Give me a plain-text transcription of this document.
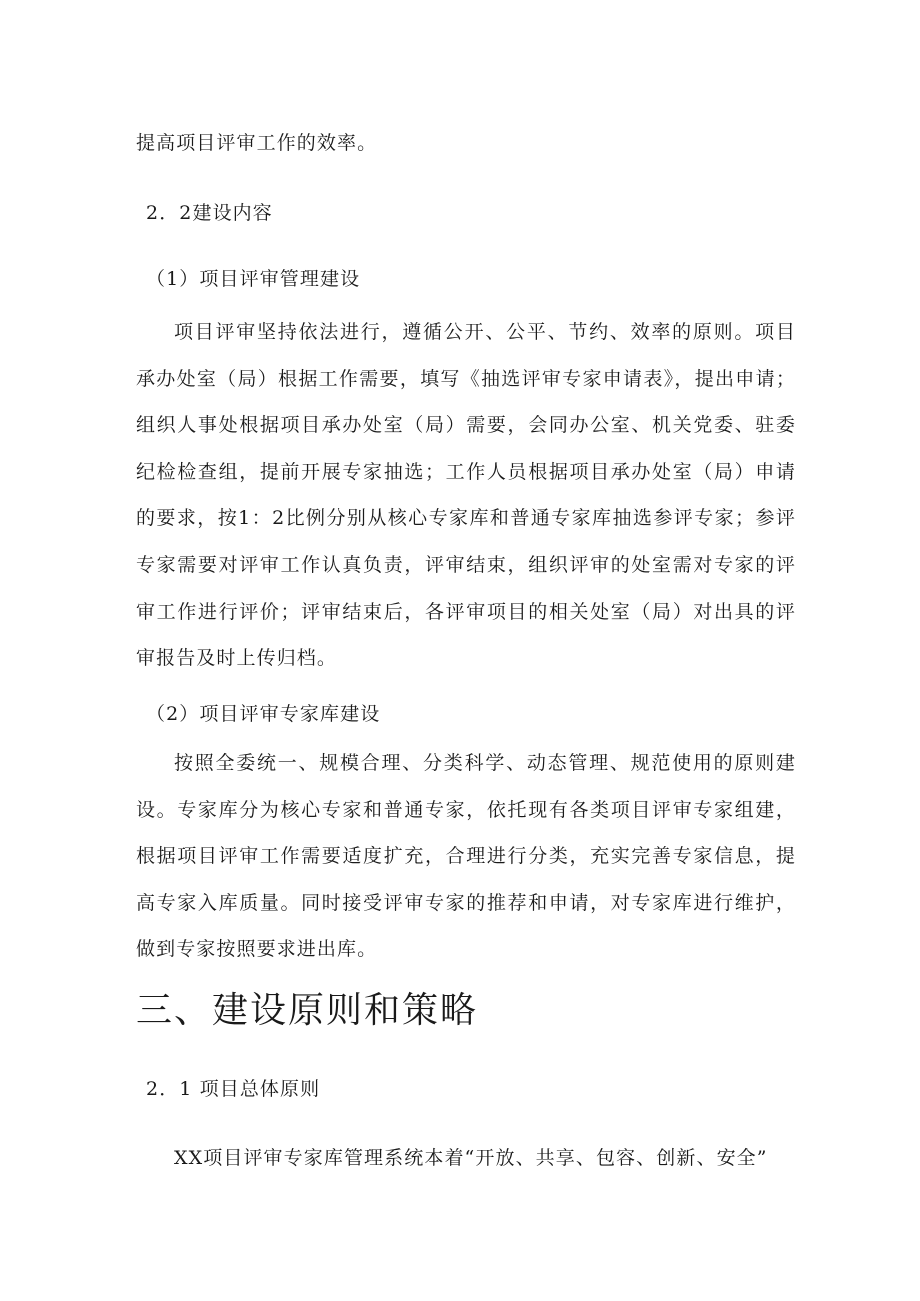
提高项目评审工作的效率。
2．2建设内容
（1）项目评审管理建设

项目评审坚持依法进行，遵循公开、公平、节约、效率的原则。项目承办处室（局）根据工作需要，填写《抽选评审专家申请表》，提出申请；组织人事处根据项目承办处室（局）需要，会同办公室、机关党委、驻委纪检检查组，提前开展专家抽选；工作人员根据项目承办处室（局）申请的要求，按1：2比例分别从核心专家库和普通专家库抽选参评专家；参评专家需要对评审工作认真负责，评审结束，组织评审的处室需对专家的评审工作进行评价；评审结束后，各评审项目的相关处室（局）对出具的评审报告及时上传归档。

（2）项目评审专家库建设

按照全委统一、规模合理、分类科学、动态管理、规范使用的原则建设。专家库分为核心专家和普通专家，依托现有各类项目评审专家组建，根据项目评审工作需要适度扩充，合理进行分类，充实完善专家信息，提高专家入库质量。同时接受评审专家的推荐和申请，对专家库进行维护，做到专家按照要求进出库。

三、建设原则和策略
2．1 项目总体原则

XX项目评审专家库管理系统本着“开放、共享、包容、创新、安全”
